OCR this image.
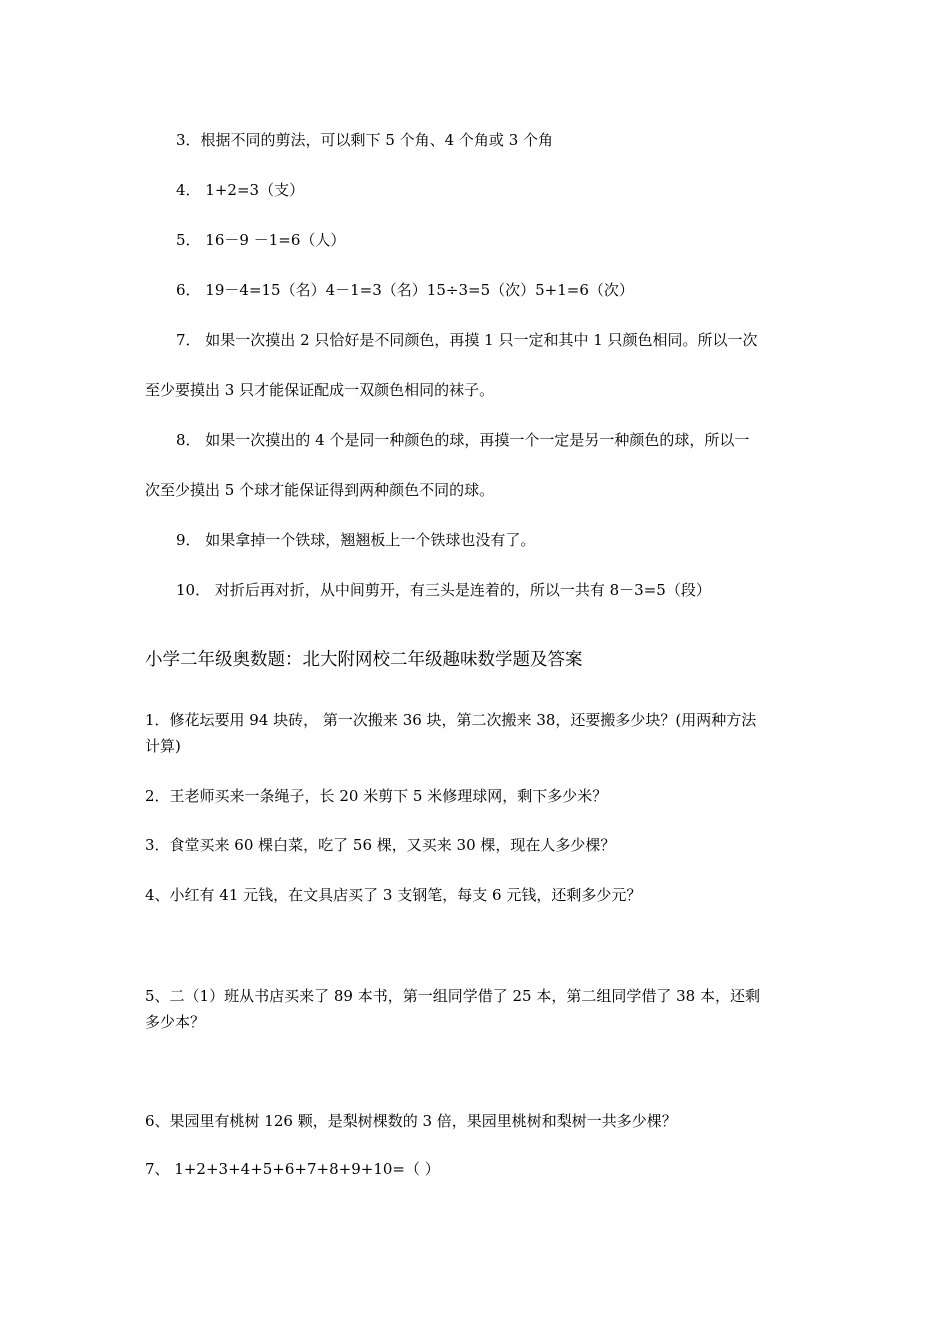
3．根据不同的剪法，可以剩下 5 个角、4 个角或 3 个角
4． 1+2=3（支）
5． 16－9 －1=6（人）
6． 19－4=15（名）4－1=3（名）15÷3=5（次）5+1=6（次）
7． 如果一次摸出 2 只恰好是不同颜色，再摸 1 只一定和其中 1 只颜色相同。所以一次
至少要摸出 3 只才能保证配成一双颜色相同的袜子。
8． 如果一次摸出的 4 个是同一种颜色的球，再摸一个一定是另一种颜色的球，所以一
次至少摸出 5 个球才能保证得到两种颜色不同的球。
9． 如果拿掉一个铁球，翘翘板上一个铁球也没有了。
10． 对折后再对折，从中间剪开，有三头是连着的，所以一共有 8－3=5（段）
小学二年级奥数题：北大附网校二年级趣味数学题及答案
1．修花坛要用 94 块砖， 第一次搬来 36 块，第二次搬来 38，还要搬多少块？(用两种方法
计算)
2．王老师买来一条绳子，长 20 米剪下 5 米修理球网，剩下多少米？
3．食堂买来 60 棵白菜，吃了 56 棵，又买来 30 棵，现在人多少棵？
4、小红有 41 元钱，在文具店买了 3 支钢笔，每支 6 元钱，还剩多少元？
5、二（1）班从书店买来了 89 本书，第一组同学借了 25 本，第二组同学借了 38 本，还剩
多少本？
6、果园里有桃树 126 颗，是梨树棵数的 3 倍，果园里桃树和梨树一共多少棵？
7、 1+2+3+4+5+6+7+8+9+10=（ ）
